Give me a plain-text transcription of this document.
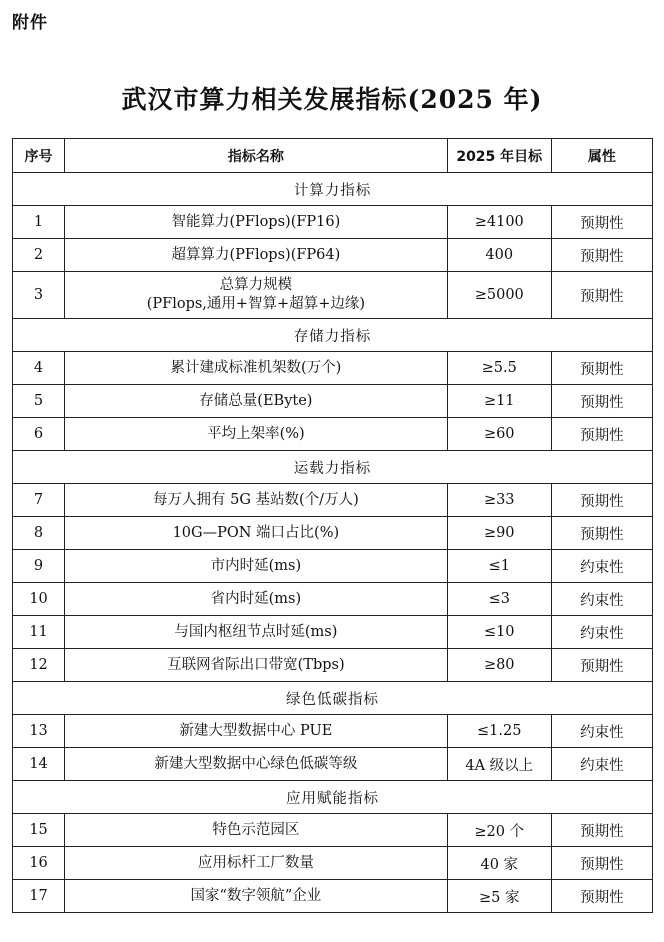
附件
武汉市算力相关发展指标(2025 年)
序号	指标名称	2025 年目标	属性
计算力指标			
1	智能算力(PFlops)(FP16)	≥4100	预期性
2	超算算力(PFlops)(FP64)	400	预期性
3	总算力规模
(PFlops,通用+智算+超算+边缘)	≥5000	预期性
存储力指标			
4	累计建成标准机架数(万个)	≥5.5	预期性
5	存储总量(EByte)	≥11	预期性
6	平均上架率(%)	≥60	预期性
运载力指标			
7	每万人拥有 5G 基站数(个/万人)	≥33	预期性
8	10G—PON 端口占比(%)	≥90	预期性
9	市内时延(ms)	≤1	约束性
10	省内时延(ms)	≤3	约束性
11	与国内枢纽节点时延(ms)	≤10	约束性
12	互联网省际出口带宽(Tbps)	≥80	预期性
绿色低碳指标			
13	新建大型数据中心 PUE	≤1.25	约束性
14	新建大型数据中心绿色低碳等级	4A 级以上	约束性
应用赋能指标			
15	特色示范园区	≥20 个	预期性
16	应用标杆工厂数量	40 家	预期性
17	国家“数字领航”企业	≥5 家	预期性
